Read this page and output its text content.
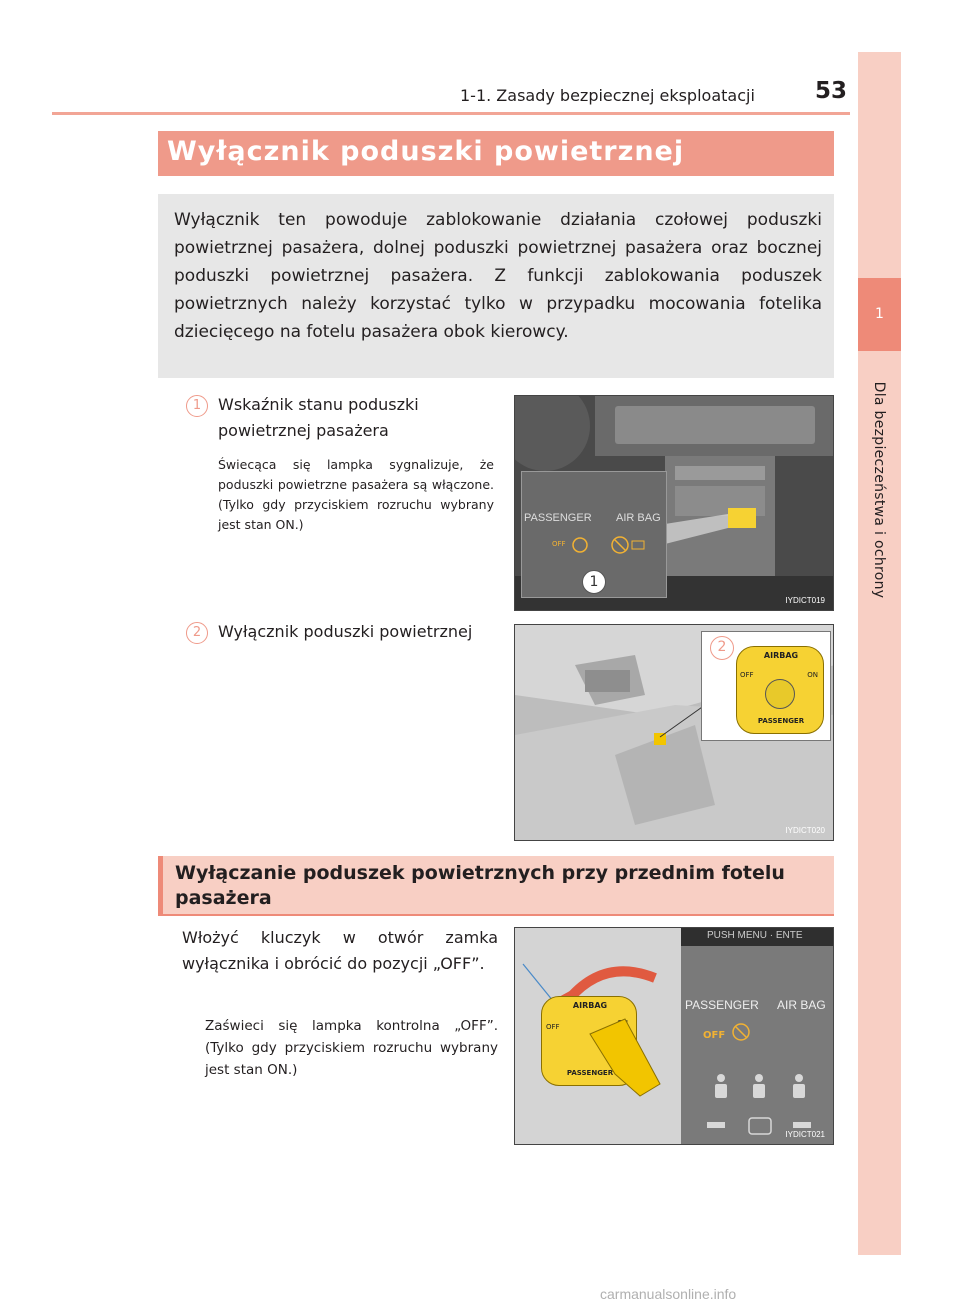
1
Dla bezpieczeństwa i ochrony
1-1. Zasady bezpiecznej eksploatacji	53
Wyłącznik poduszki powietrznej

Wyłącznik ten powoduje zablokowanie działania czołowej poduszki powietrznej pasażera, dolnej poduszki powietrznej pasażera oraz bocznej poduszki powietrznej pasażera. Z funkcji zablokowania poduszek powietrznych należy korzystać tylko w przypadku mocowania fotelika dziecięcego na fotelu pasażera obok kierowcy.

1	Wskaźnik stanu poduszki powietrznej pasażera
Świecąca się lampka sygnalizuje, że poduszki powietrzne pasażera są włączone. (Tylko gdy przyciskiem rozruchu wybrany jest stan ON.)	PASSENGER AIR BAG
OFF
1
IYDICT019
2	Wyłącznik poduszki powietrznej
2
AIRBAG
OFF	ON
PASSENGER
IYDICT020
Wyłączanie poduszek powietrznych przy przednim fotelu pasażera
Włożyć kluczyk w otwór zamka wyłącznika i obrócić do pozycji „OFF”.
Zaświeci się lampka kontrolna „OFF”. (Tylko gdy przyciskiem rozruchu wybrany jest stan ON.)
AIRBAG
OFF
PASSENGER
PUSH MENU · ENTE
PASSENGER AIR BAG
OFF
IYDICT021
carmanualsonline.info
